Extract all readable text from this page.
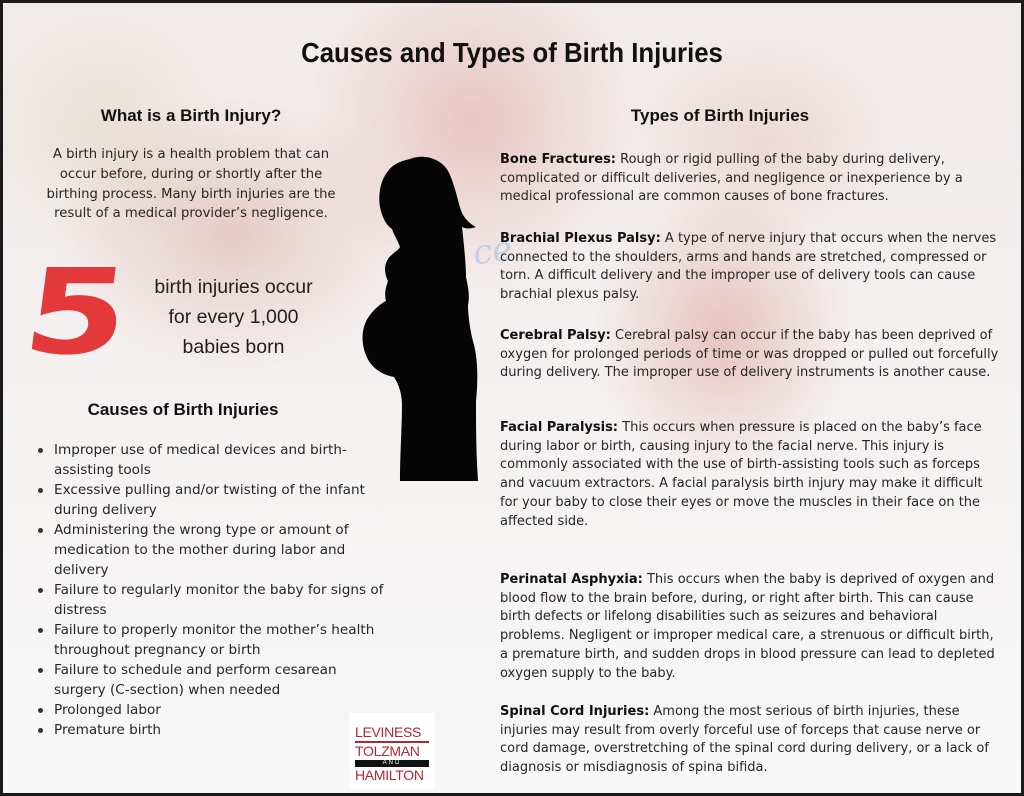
ce
Causes and Types of Birth Injuries
What is a Birth Injury?

A birth injury is a health problem that can occur before, during or shortly after the birthing process. Many birth injuries are the result of a medical provider’s negligence.

5	birth injuries occur for every 1,000 babies born

Causes of Birth Injuries
Improper use of medical devices and birth-assisting tools
Excessive pulling and/or twisting of the infant during delivery
Administering the wrong type or amount of medication to the mother during labor and delivery
Failure to regularly monitor the baby for signs of distress
Failure to properly monitor the mother’s health throughout pregnancy or birth
Failure to schedule and perform cesarean surgery (C-section) when needed
Prolonged labor
Premature birth
Types of Birth Injuries

Bone Fractures: Rough or rigid pulling of the baby during delivery, complicated or difficult deliveries, and negligence or inexperience by a medical professional are common causes of bone fractures.

Brachial Plexus Palsy: A type of nerve injury that occurs when the nerves connected to the shoulders, arms and hands are stretched, compressed or torn. A difficult delivery and the improper use of delivery tools can cause brachial plexus palsy.

Cerebral Palsy: Cerebral palsy can occur if the baby has been deprived of oxygen for prolonged periods of time or was dropped or pulled out forcefully during delivery. The improper use of delivery instruments is another cause.

Facial Paralysis: This occurs when pressure is placed on the baby’s face during labor or birth, causing injury to the facial nerve. This injury is commonly associated with the use of birth-assisting tools such as forceps and vacuum extractors. A facial paralysis birth injury may make it difficult for your baby to close their eyes or move the muscles in their face on the affected side.

Perinatal Asphyxia: This occurs when the baby is deprived of oxygen and blood flow to the brain before, during, or right after birth. This can cause birth defects or lifelong disabilities such as seizures and behavioral problems. Negligent or improper medical care, a strenuous or difficult birth, a premature birth, and sudden drops in blood pressure can lead to depleted oxygen supply to the baby.

Spinal Cord Injuries: Among the most serious of birth injuries, these injuries may result from overly forceful use of forceps that cause nerve or cord damage, overstretching of the spinal cord during delivery, or a lack of diagnosis or misdiagnosis of spina bifida.

LEVINESS
TOLZMAN
AND
HAMILTON
